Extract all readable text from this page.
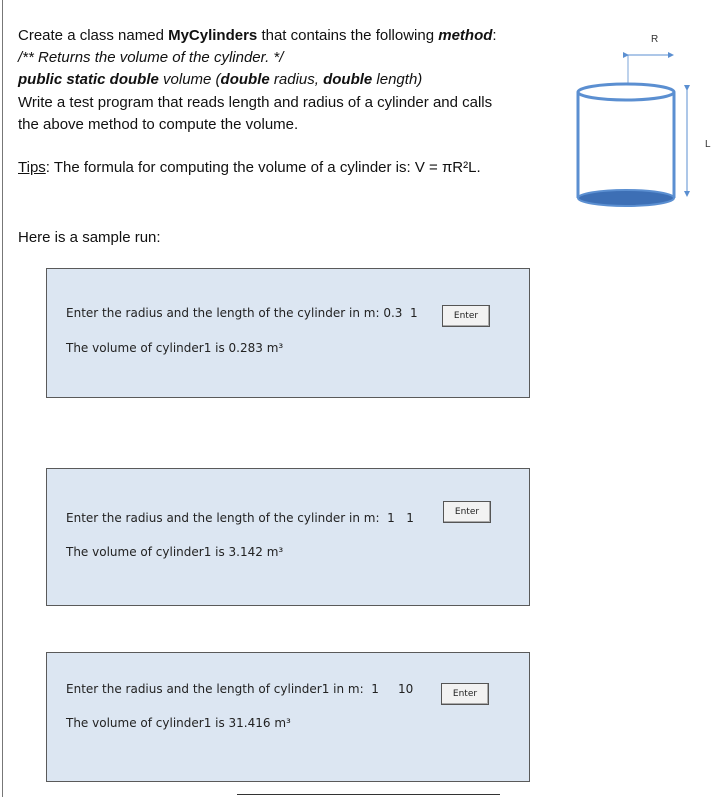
Create a class named MyCylinders that contains the following method:
/** Returns the volume of the cylinder. */
public static double volume (double radius, double length)
Write a test program that reads length and radius of a cylinder and calls
the above method to compute the volume.
Tips: The formula for computing the volume of a cylinder is: V = πR²L.
Here is a sample run:
Enter the radius and the length of the cylinder in m: 0.3  1
The volume of cylinder1 is 0.283 m³
Enter
Enter the radius and the length of the cylinder in m:  1   1
The volume of cylinder1 is 3.142 m³
Enter
Enter the radius and the length of cylinder1 in m:  1     10
The volume of cylinder1 is 31.416 m³
Enter
R
L
